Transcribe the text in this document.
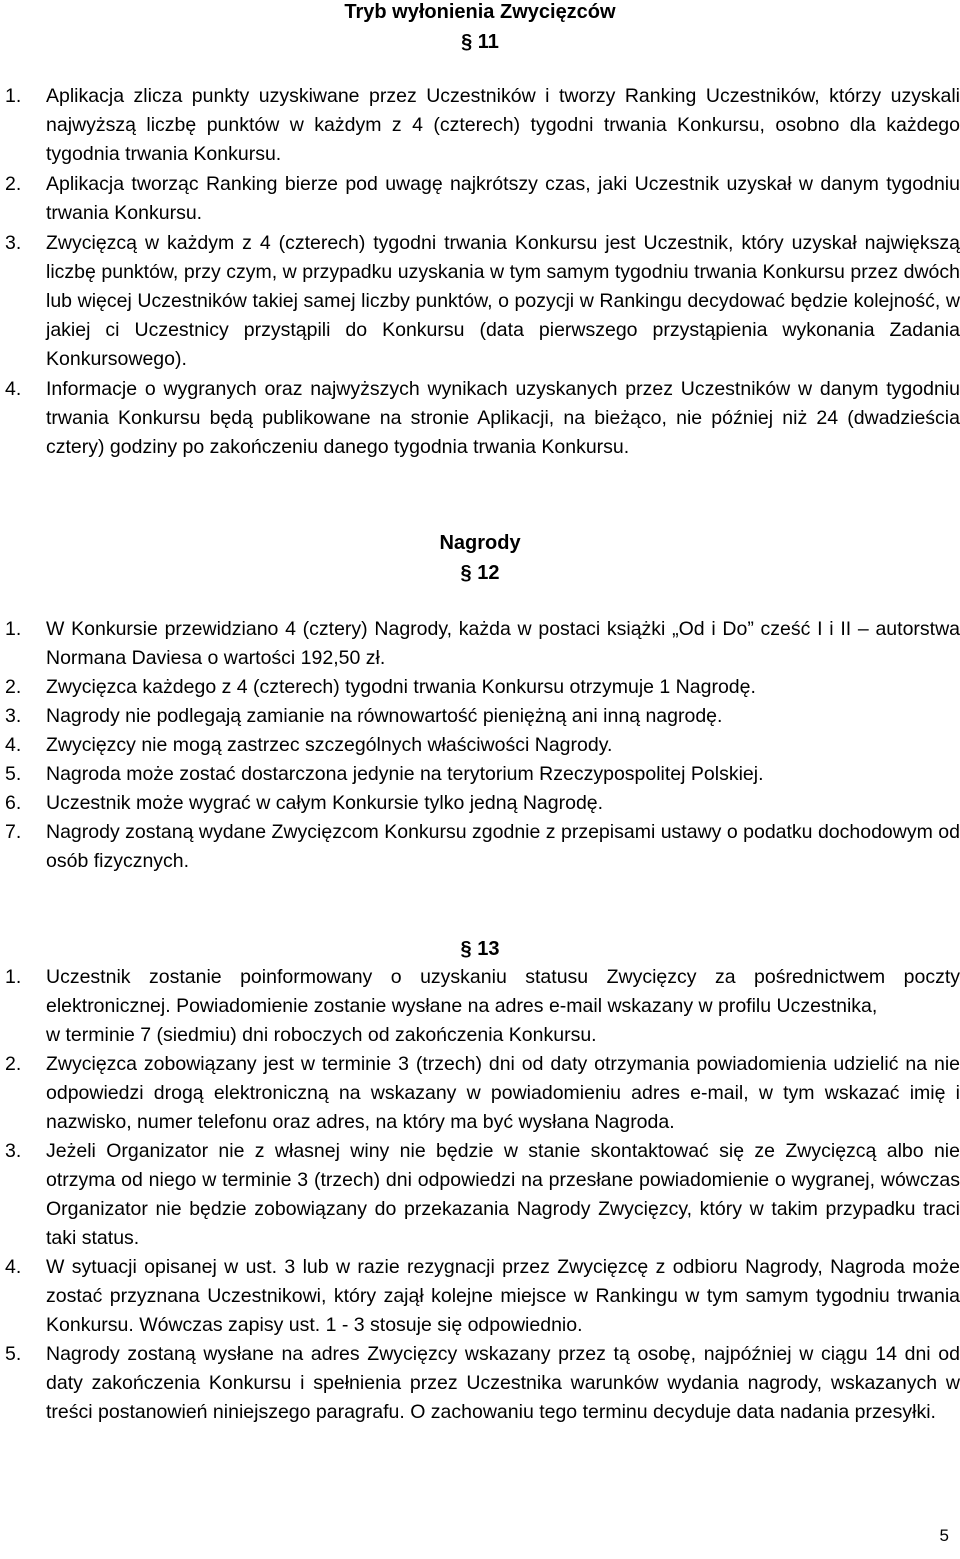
Tryb wyłonienia Zwycięzców
§ 11
1. Aplikacja zlicza punkty uzyskiwane przez Uczestników i tworzy Ranking Uczestników, którzy uzyskali najwyższą liczbę punktów w każdym z 4 (czterech) tygodni trwania Konkursu, osobno dla każdego tygodnia trwania Konkursu.
2. Aplikacja tworząc Ranking bierze pod uwagę najkrótszy czas, jaki Uczestnik uzyskał w danym tygodniu trwania Konkursu.
3. Zwycięzcą w każdym z 4 (czterech) tygodni trwania Konkursu jest Uczestnik, który uzyskał największą liczbę punktów, przy czym, w przypadku uzyskania w tym samym tygodniu trwania Konkursu przez dwóch lub więcej Uczestników takiej samej liczby punktów, o pozycji w Rankingu decydować będzie kolejność, w jakiej ci Uczestnicy przystąpili do Konkursu (data pierwszego przystąpienia wykonania Zadania Konkursowego).
4. Informacje o wygranych oraz najwyższych wynikach uzyskanych przez Uczestników w danym tygodniu trwania Konkursu będą publikowane na stronie Aplikacji, na bieżąco, nie później niż 24 (dwadzieścia cztery) godziny po zakończeniu danego tygodnia trwania Konkursu.
Nagrody
§ 12
1. W Konkursie przewidziano 4 (cztery) Nagrody, każda w postaci książki „Od i Do” cześć I i II – autorstwa Normana Daviesa o wartości 192,50 zł.
2. Zwycięzca każdego z 4 (czterech) tygodni trwania Konkursu otrzymuje 1 Nagrodę.
3. Nagrody nie podlegają zamianie na równowartość pieniężną ani inną nagrodę.
4. Zwycięzcy nie mogą zastrzec szczególnych właściwości Nagrody.
5. Nagroda może zostać dostarczona jedynie na terytorium Rzeczypospolitej Polskiej.
6. Uczestnik może wygrać w całym Konkursie tylko jedną Nagrodę.
7. Nagrody zostaną wydane Zwycięzcom Konkursu zgodnie z przepisami ustawy o podatku dochodowym od osób fizycznych.
§ 13
1. Uczestnik zostanie poinformowany o uzyskaniu statusu Zwycięzcy za pośrednictwem poczty elektronicznej. Powiadomienie zostanie wysłane na adres e-mail wskazany w profilu Uczestnika,
w terminie 7 (siedmiu) dni roboczych od zakończenia Konkursu.
2. Zwycięzca zobowiązany jest w terminie 3 (trzech) dni od daty otrzymania powiadomienia udzielić na nie odpowiedzi drogą elektroniczną na wskazany w powiadomieniu adres e-mail, w tym wskazać imię i nazwisko, numer telefonu oraz adres, na który ma być wysłana Nagroda.
3. Jeżeli Organizator nie z własnej winy nie będzie w stanie skontaktować się ze Zwycięzcą albo nie otrzyma od niego w terminie 3 (trzech) dni odpowiedzi na przesłane powiadomienie o wygranej, wówczas Organizator nie będzie zobowiązany do przekazania Nagrody Zwycięzcy, który w takim przypadku traci taki status.
4. W sytuacji opisanej w ust. 3 lub w razie rezygnacji przez Zwycięzcę z odbioru Nagrody, Nagroda może zostać przyznana Uczestnikowi, który zajął kolejne miejsce w Rankingu w tym samym tygodniu trwania Konkursu. Wówczas zapisy ust. 1 - 3 stosuje się odpowiednio.
5. Nagrody zostaną wysłane na adres Zwycięzcy wskazany przez tą osobę, najpóźniej w ciągu 14 dni od daty zakończenia Konkursu i spełnienia przez Uczestnika warunków wydania nagrody, wskazanych w treści postanowień niniejszego paragrafu. O zachowaniu tego terminu decyduje data nadania przesyłki.
5
